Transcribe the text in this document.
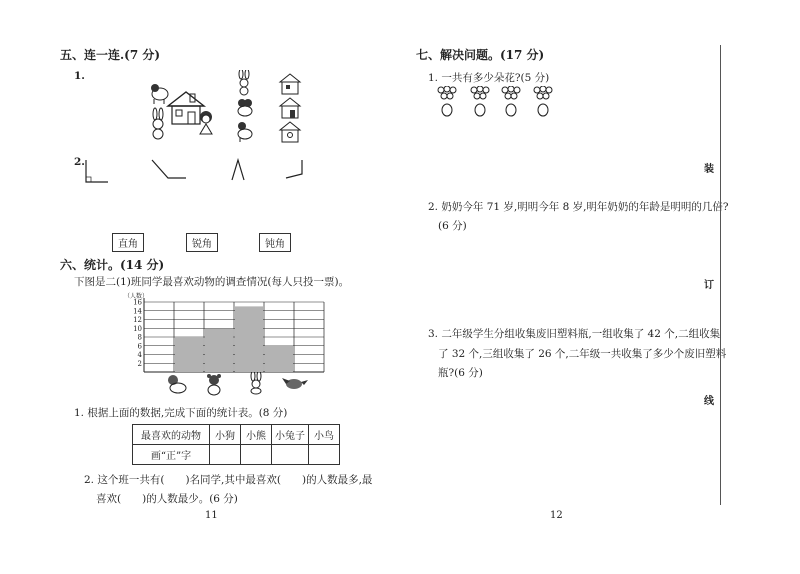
五、连一连.(7 分)
1.
2.
直角	锐角	钝角
六、统计。(14 分)
下图是二(1)班同学最喜欢动物的调查情况(每人只投一票)。
（人数）
2
4
6
8
10
12
14
16
1. 根据上面的数据,完成下面的统计表。(8 分)
最喜欢的动物	小狗	小熊	小兔子	小鸟
画“正”字				
2. 这个班一共有(　　)名同学,其中最喜欢(　　)的人数最多,最
喜欢(　　)的人数最少。(6 分)
11
七、解决问题。(17 分)
1. 一共有多少朵花?(5 分)
2. 奶奶今年 71 岁,明明今年 8 岁,明年奶奶的年龄是明明的几倍?
(6 分)
3. 二年级学生分组收集废旧塑料瓶,一组收集了 42 个,二组收集
了 32 个,三组收集了 26 个,二年级一共收集了多少个废旧塑料
瓶?(6 分)
12
装
订
线
